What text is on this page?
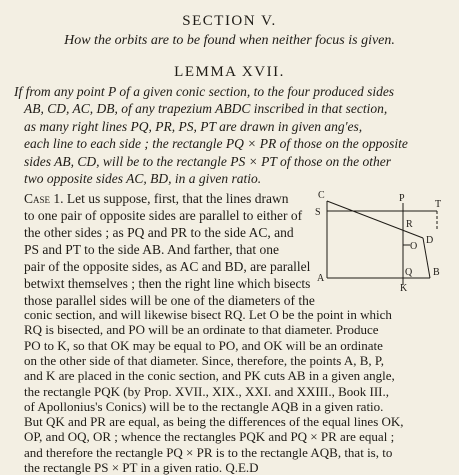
SECTION V.
How the orbits are to be found when neither focus is given.
LEMMA XVII.
If from any point P of a given conic section, to the four produced sides
AB, CD, AC, DB, of any trapezium ABDC inscribed in that section,
as many right lines PQ, PR, PS, PT are drawn in given ang'es,
each line to each side ; the rectangle PQ × PR of those on the opposite
sides AB, CD, will be to the rectangle PS × PT of those on the other
two opposite sides AC, BD, in a given ratio.
Case 1. Let us suppose, first, that the lines drawn
to one pair of opposite sides are parallel to either of
the other sides ; as PQ and PR to the side AC, and
PS and PT to the side AB. And farther, that one
pair of the opposite sides, as AC and BD, are parallel
betwixt themselves ; then the right line which bisects
those parallel sides will be one of the diameters of the
conic section, and will likewise bisect RQ. Let O be the point in which
RQ is bisected, and PO will be an ordinate to that diameter. Produce
PO to K, so that OK may be equal to PO, and OK will be an ordinate
on the other side of that diameter. Since, therefore, the points A, B, P,
and K are placed in the conic section, and PK cuts AB in a given angle,
the rectangle PQK (by Prop. XVII., XIX., XXI. and XXIII., Book III.,
of Apollonius's Conics) will be to the rectangle AQB in a given ratio.
But QK and PR are equal, as being the differences of the equal lines OK,
OP, and OQ, OR ; whence the rectangles PQK and PQ × PR are equal ;
C
S
P
T
R
O
D
A
Q B
K
and therefore the rectangle PQ × PR is to the rectangle AQB, that is, to
the rectangle PS × PT in a given ratio. Q.E.D
